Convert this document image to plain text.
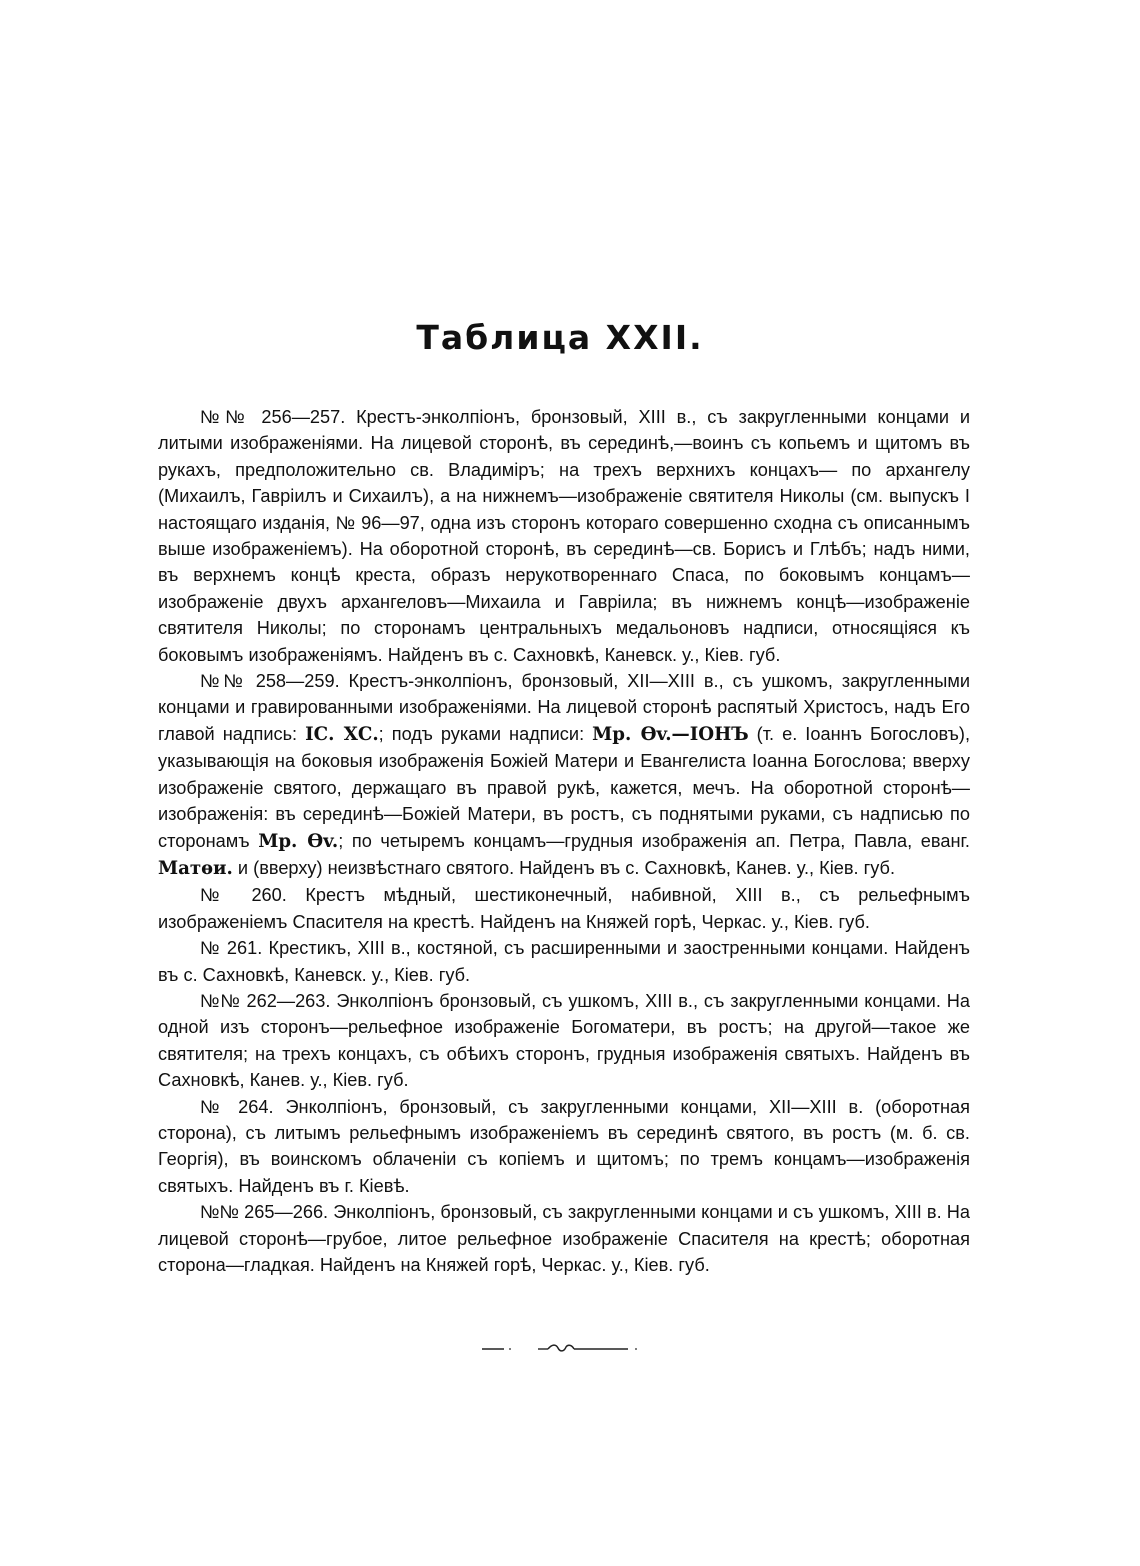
Таблица XXII.

№№ 256—257. Крестъ-энколпіонъ, бронзовый, XIII в., съ закругленными концами и литыми изображеніями. На лицевой сторонѣ, въ серединѣ,—воинъ съ копьемъ и щитомъ въ рукахъ, предположительно св. Владиміръ; на трехъ верхнихъ концахъ— по архангелу (Михаилъ, Гавріилъ и Сихаилъ), а на нижнемъ—изображеніе святителя Николы (см. выпускъ I настоящаго изданія, № 96—97, одна изъ сторонъ котораго совершенно сходна съ описаннымъ выше изображеніемъ). На оборотной сторонѣ, въ серединѣ—св. Борисъ и Глѣбъ; надъ ними, въ верхнемъ концѣ креста, образъ нерукотвореннаго Спаса, по боковымъ концамъ—изображеніе двухъ архангеловъ—Михаила и Гавріила; въ нижнемъ концѣ—изображеніе святителя Николы; по сторонамъ центральныхъ медальоновъ надписи, относящіяся къ боковымъ изображеніямъ. Найденъ въ с. Сахновкѣ, Каневск. у., Кіев. губ.

№№ 258—259. Крестъ-энколпіонъ, бронзовый, XII—XIII в., съ ушкомъ, закругленными концами и гравированными изображеніями. На лицевой сторонѣ распятый Христосъ, надъ Его главой надпись: IС. ХС.; подъ руками надписи: Мр. Ѳv.—IОНЪ (т. е. Іоаннъ Богословъ), указывающія на боковыя изображенія Божіей Матери и Евангелиста Іоанна Богослова; вверху изображеніе святого, держащаго въ правой рукѣ, кажется, мечъ. На оборотной сторонѣ—изображенія: въ серединѣ—Божіей Матери, въ ростъ, съ поднятыми руками, съ надписью по сторонамъ Мр. Ѳv.; по четыремъ концамъ—грудныя изображенія ап. Петра, Павла, еванг. Матѳи. и (вверху) неизвѣстнаго святого. Найденъ въ с. Сахновкѣ, Канев. у., Кіев. губ.

№ 260. Крестъ мѣдный, шестиконечный, набивной, XIII в., съ рельефнымъ изображеніемъ Спасителя на крестѣ. Найденъ на Княжей горѣ, Черкас. у., Кіев. губ.

№ 261. Крестикъ, XIII в., костяной, съ расширенными и заостренными концами. Найденъ въ с. Сахновкѣ, Каневск. у., Кіев. губ.

№№ 262—263. Энколпіонъ бронзовый, съ ушкомъ, XIII в., съ закругленными концами. На одной изъ сторонъ—рельефное изображеніе Богоматери, въ ростъ; на другой—такое же святителя; на трехъ концахъ, съ обѣихъ сторонъ, грудныя изображенія святыхъ. Найденъ въ Сахновкѣ, Канев. у., Кіев. губ.

№ 264. Энколпіонъ, бронзовый, съ закругленными концами, XII—XIII в. (оборотная сторона), съ литымъ рельефнымъ изображеніемъ въ серединѣ святого, въ ростъ (м. б. св. Георгія), въ воинскомъ облаченіи съ копіемъ и щитомъ; по тремъ концамъ—изображенія святыхъ. Найденъ въ г. Кіевѣ.

№№ 265—266. Энколпіонъ, бронзовый, съ закругленными концами и съ ушкомъ, XIII в. На лицевой сторонѣ—грубое, литое рельефное изображеніе Спасителя на крестѣ; оборотная сторона—гладкая. Найденъ на Княжей горѣ, Черкас. у., Кіев. губ.
